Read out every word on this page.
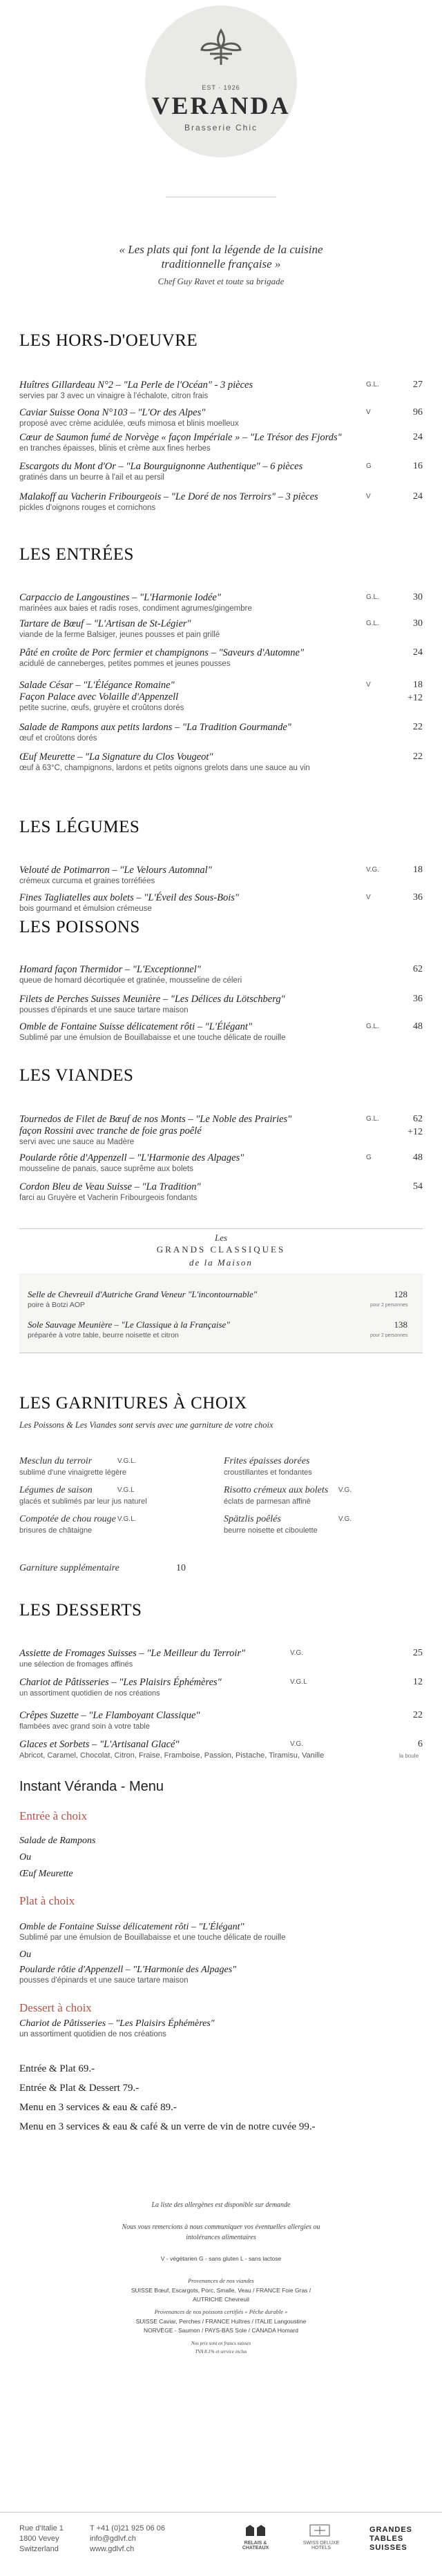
EST · 1926
VERANDA
Brasserie Chic
« Les plats qui font la légende de la cuisine
traditionnelle française »
Chef Guy Ravet et toute sa brigade
LES HORS-D'OEUVRE
LES ENTRÉES
LES LÉGUMES
LES POISSONS
LES VIANDES
Huîtres Gillardeau N°2 – "La Perle de l'Océan" - 3 pièces
servies par 3 avec un vinaigre à l'échalote, citron frais
G.L.	27
Caviar Suisse Oona N°103 – "L'Or des Alpes"
proposé avec crème acidulée, œufs mimosa et blinis moelleux
V	96
Cœur de Saumon fumé de Norvège « façon Impériale » – "Le Trésor des Fjords"
en tranches épaisses, blinis et crème aux fines herbes
24
Escargots du Mont d'Or – "La Bourguignonne Authentique" – 6 pièces
gratinés dans un beurre à l'ail et au persil
G	16
Malakoff au Vacherin Fribourgeois – "Le Doré de nos Terroirs" – 3 pièces
pickles d'oignons rouges et cornichons
V	24
Carpaccio de Langoustines – "L'Harmonie Iodée"
marinées aux baies et radis roses, condiment agrumes/gingembre
G.L.	30
Tartare de Bœuf – "L'Artisan de St-Légier"
viande de la ferme Balsiger, jeunes pousses et pain grillé
G.L.	30
Pâté en croûte de Porc fermier et champignons – "Saveurs d'Automne"
acidulé de canneberges, petites pommes et jeunes pousses
24
Salade César – "L'Élégance Romaine"
Façon Palace avec Volaille d'Appenzell
petite sucrine, œufs, gruyère et croûtons dorés
V	18
+12
Salade de Rampons aux petits lardons – "La Tradition Gourmande"
œuf et croûtons dorés
22
Œuf Meurette – "La Signature du Clos Vougeot"
œuf à 63°C, champignons, lardons et petits oignons grelots dans une sauce au vin
22
Velouté de Potimarron – "Le Velours Automnal"
crémeux curcuma et graines torréfiées
V.G.	18
Fines Tagliatelles aux bolets – "L'Éveil des Sous-Bois"
bois gourmand et émulsion crémeuse
V	36
Homard façon Thermidor – "L'Exceptionnel"
queue de homard décortiquée et gratinée, mousseline de céleri
62
Filets de Perches Suisses Meunière – "Les Délices du Lötschberg"
pousses d'épinards et une sauce tartare maison
36
Omble de Fontaine Suisse délicatement rôti – "L'Élégant"
Sublimé par une émulsion de Bouillabaisse et une touche délicate de rouille
G.L.	48
Tournedos de Filet de Bœuf de nos Monts – "Le Noble des Prairies"
façon Rossini avec tranche de foie gras poêlé
servi avec une sauce au Madère
G.L.	62
+12
Poularde rôtie d'Appenzell – "L'Harmonie des Alpages"
mousseline de panais, sauce suprême aux bolets
G	48
Cordon Bleu de Veau Suisse – "La Tradition"
farci au Gruyère et Vacherin Fribourgeois fondants
54
Les
GRANDS CLASSIQUES
de la Maison
Selle de Chevreuil d'Autriche Grand Veneur "L'incontournable"
poire à Botzi AOP
128
pour 2 personnes
Sole Sauvage Meunière – "Le Classique à la Française"
préparée à votre table, beurre noisette et citron
138
pour 2 personnes
LES GARNITURES À CHOIX
Les Poissons & Les Viandes sont servis avec une garniture de votre choix
Mesclun du terroir	V.G.L.
sublimé d'une vinaigrette légère
Légumes de saison	V.G.L
glacés et sublimés par leur jus naturel
Compotée de chou rouge V.G.L.
brisures de châtaigne
Frites épaisses dorées
croustillantes et fondantes
Risotto crémeux aux bolets V.G.
éclats de parmesan affiné
Spätzlis poêlés	V.G.
beurre noisette et ciboulette
Garniture supplémentaire	10
LES DESSERTS
Assiette de Fromages Suisses – "Le Meilleur du Terroir"
une sélection de fromages affinés
V.G.	25
Chariot de Pâtisseries – "Les Plaisirs Éphémères"
un assortiment quotidien de nos créations
V.G.L	12
Crêpes Suzette – "Le Flamboyant Classique"
flambées avec grand soin à votre table
22
Glaces et Sorbets – "L'Artisanal Glacé"
Abricot, Caramel, Chocolat, Citron, Fraise, Framboise, Passion, Pistache, Tiramisu, Vanille
V.G.	6
la boule
Instant Véranda - Menu
Entrée à choix
Salade de Rampons
Ou
Œuf Meurette
Plat à choix
Omble de Fontaine Suisse délicatement rôti – "L'Élégant"
Sublimé par une émulsion de Bouillabaisse et une touche délicate de rouille
Ou
Poularde rôtie d'Appenzell – "L'Harmonie des Alpages"
pousses d'épinards et une sauce tartare maison
Dessert à choix
Chariot de Pâtisseries – "Les Plaisirs Éphémères"
un assortiment quotidien de nos créations
Entrée & Plat 69.-
Entrée & Plat & Dessert 79.-
Menu en 3 services & eau & café 89.-
Menu en 3 services & eau & café & un verre de vin de notre cuvée 99.-
La liste des allergènes est disponible sur demande
Nous vous remercions à nous communiquer vos éventuelles allergies ou
intolérances alimentaires
V - végétarien G - sans gluten L - sans lactose
Provenances de nos viandes
SUISSE Bœuf, Escargots, Porc, Smalle, Veau / FRANCE Foie Gras /
AUTRICHE Chevreuil
Provenances de nos poissons certifiés « Pêche durable »
SUISSE Caviar, Perches / FRANCE Huîtres / ITALIE Langoustine
NORVÈGE - Saumon / PAYS-BAS Sole / CANADA Homard
Nos prix sont en francs suisses
TVA 8.1% et service inclus
Rue d'Italie 1
1800 Vevey
Switzerland
T +41 (0)21 925 06 06
info@gdlvf.ch
www.gdlvf.ch
RELAIS & CHATEAUX
SWISS DELUXE HOTELS
GRANDES TABLES SUISSES
